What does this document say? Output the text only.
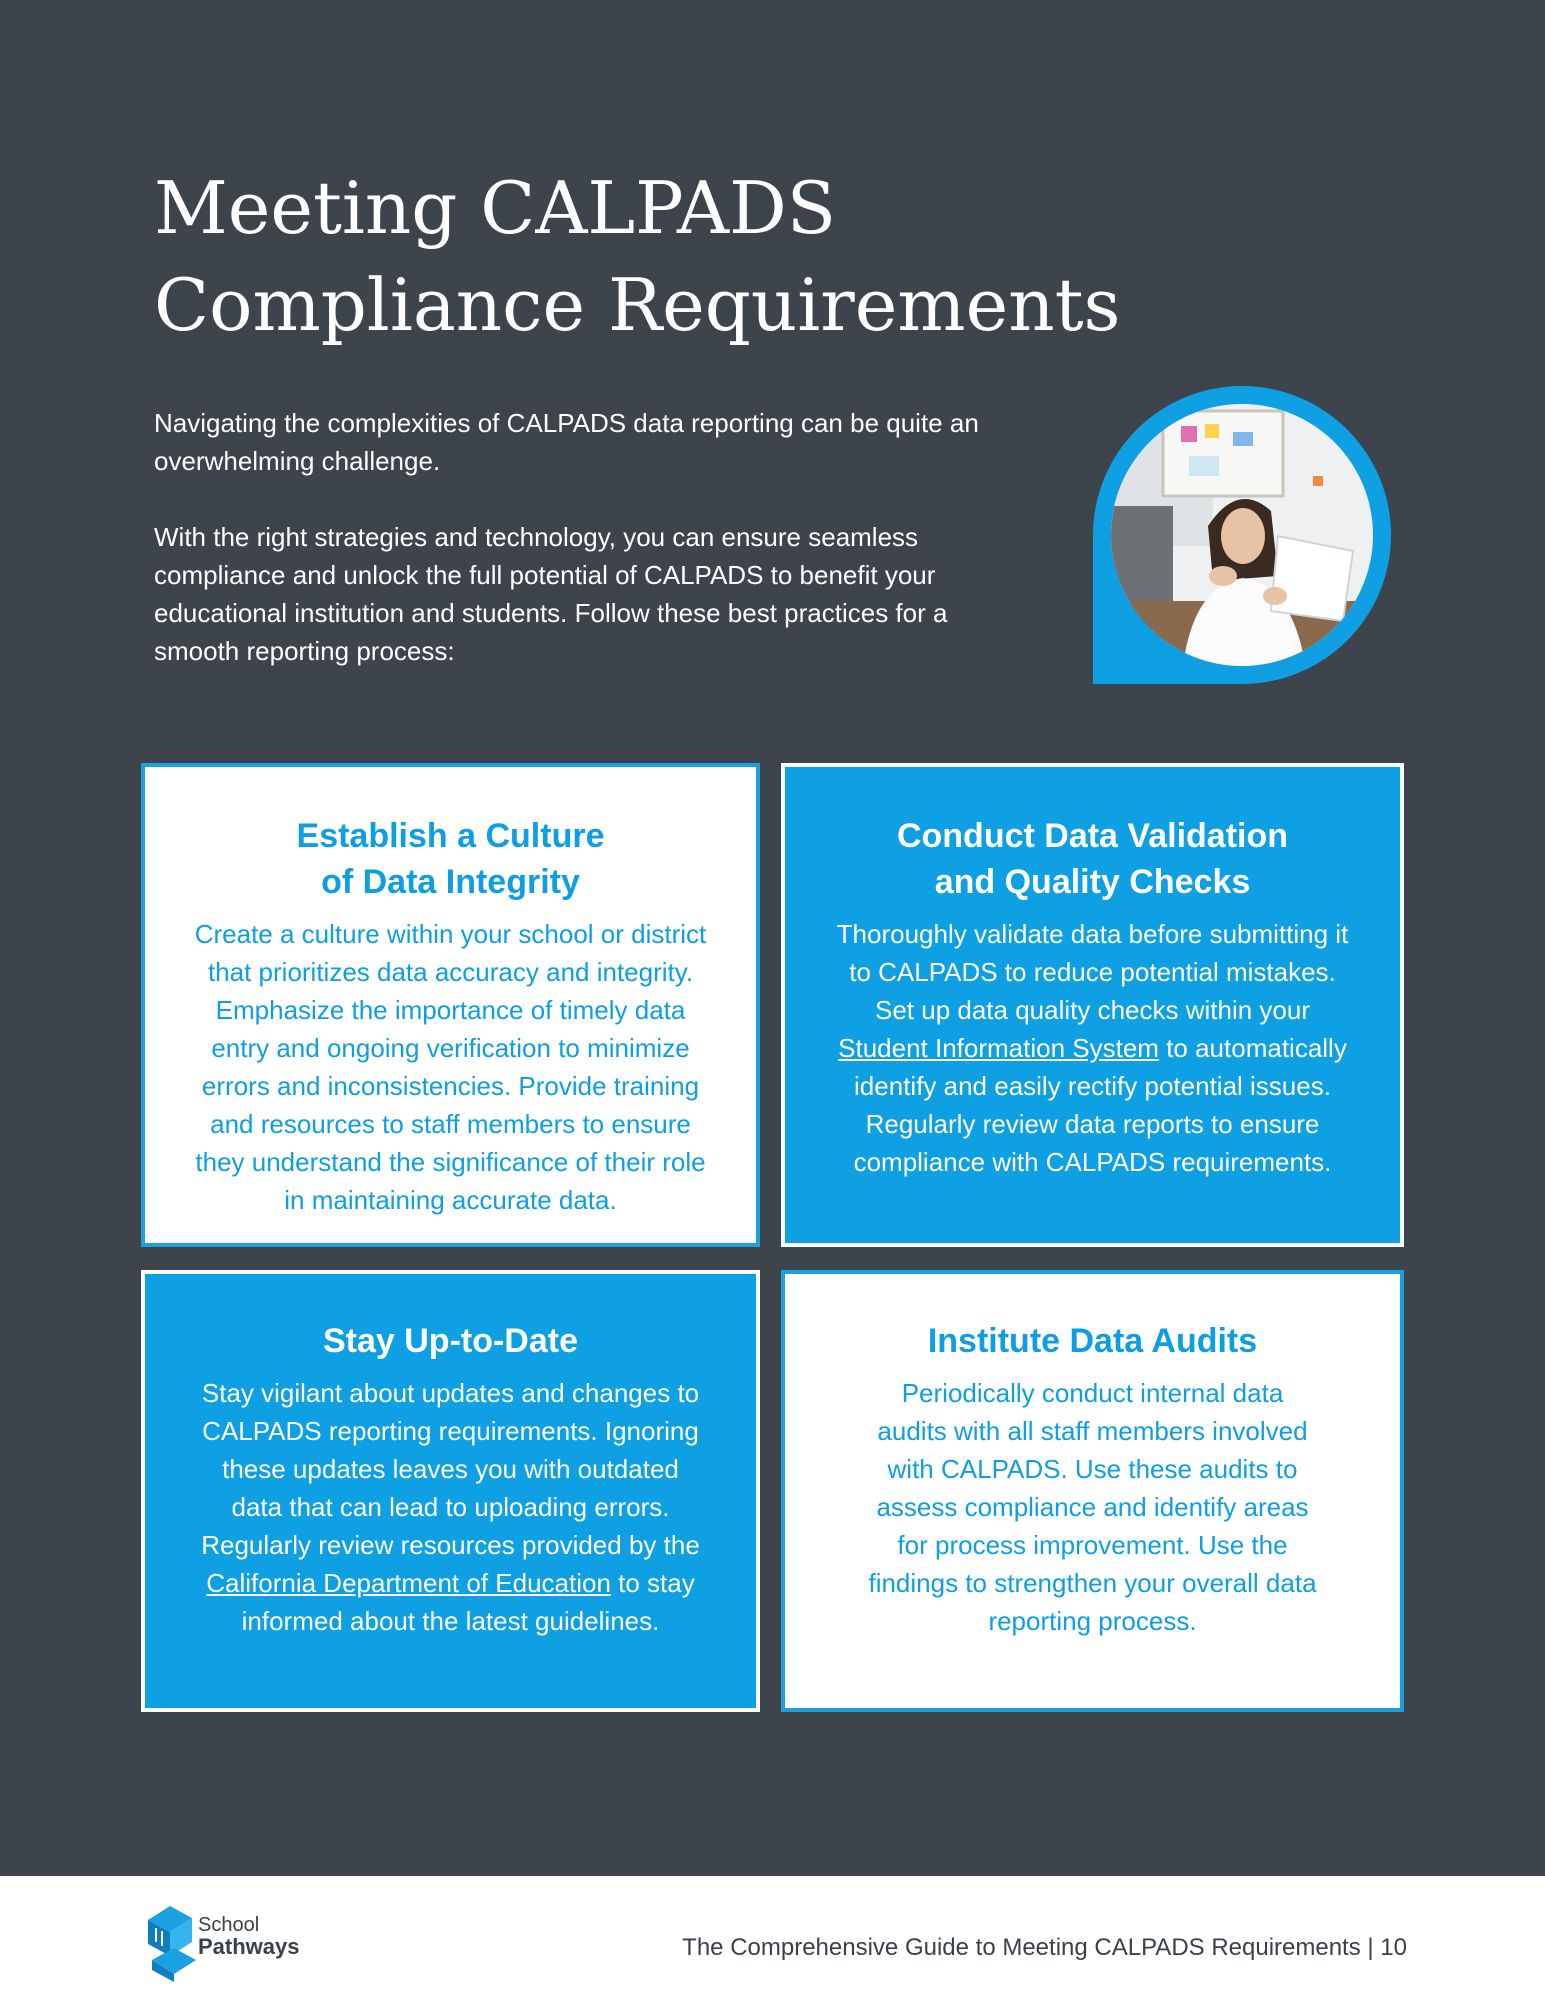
Meeting CALPADS
Compliance Requirements

Navigating the complexities of CALPADS data reporting can be quite an overwhelming challenge.

With the right strategies and technology, you can ensure seamless compliance and unlock the full potential of CALPADS to benefit your educational institution and students. Follow these best practices for a smooth reporting process:

Establish a Culture
of Data Integrity
Create a culture within your school or district
that prioritizes data accuracy and integrity.
Emphasize the importance of timely data
entry and ongoing verification to minimize
errors and inconsistencies. Provide training
and resources to staff members to ensure
they understand the significance of their role
in maintaining accurate data.
Conduct Data Validation
and Quality Checks
Thoroughly validate data before submitting it
to CALPADS to reduce potential mistakes.
Set up data quality checks within your
Student Information System to automatically
identify and easily rectify potential issues.
Regularly review data reports to ensure
compliance with CALPADS requirements.
Stay Up-to-Date
Stay vigilant about updates and changes to
CALPADS reporting requirements. Ignoring
these updates leaves you with outdated
data that can lead to uploading errors.
Regularly review resources provided by the
California Department of Education to stay
informed about the latest guidelines.
Institute Data Audits
Periodically conduct internal data
audits with all staff members involved
with CALPADS. Use these audits to
assess compliance and identify areas
for process improvement. Use the
findings to strengthen your overall data
reporting process.
School
Pathways	The Comprehensive Guide to Meeting CALPADS Requirements | 10
